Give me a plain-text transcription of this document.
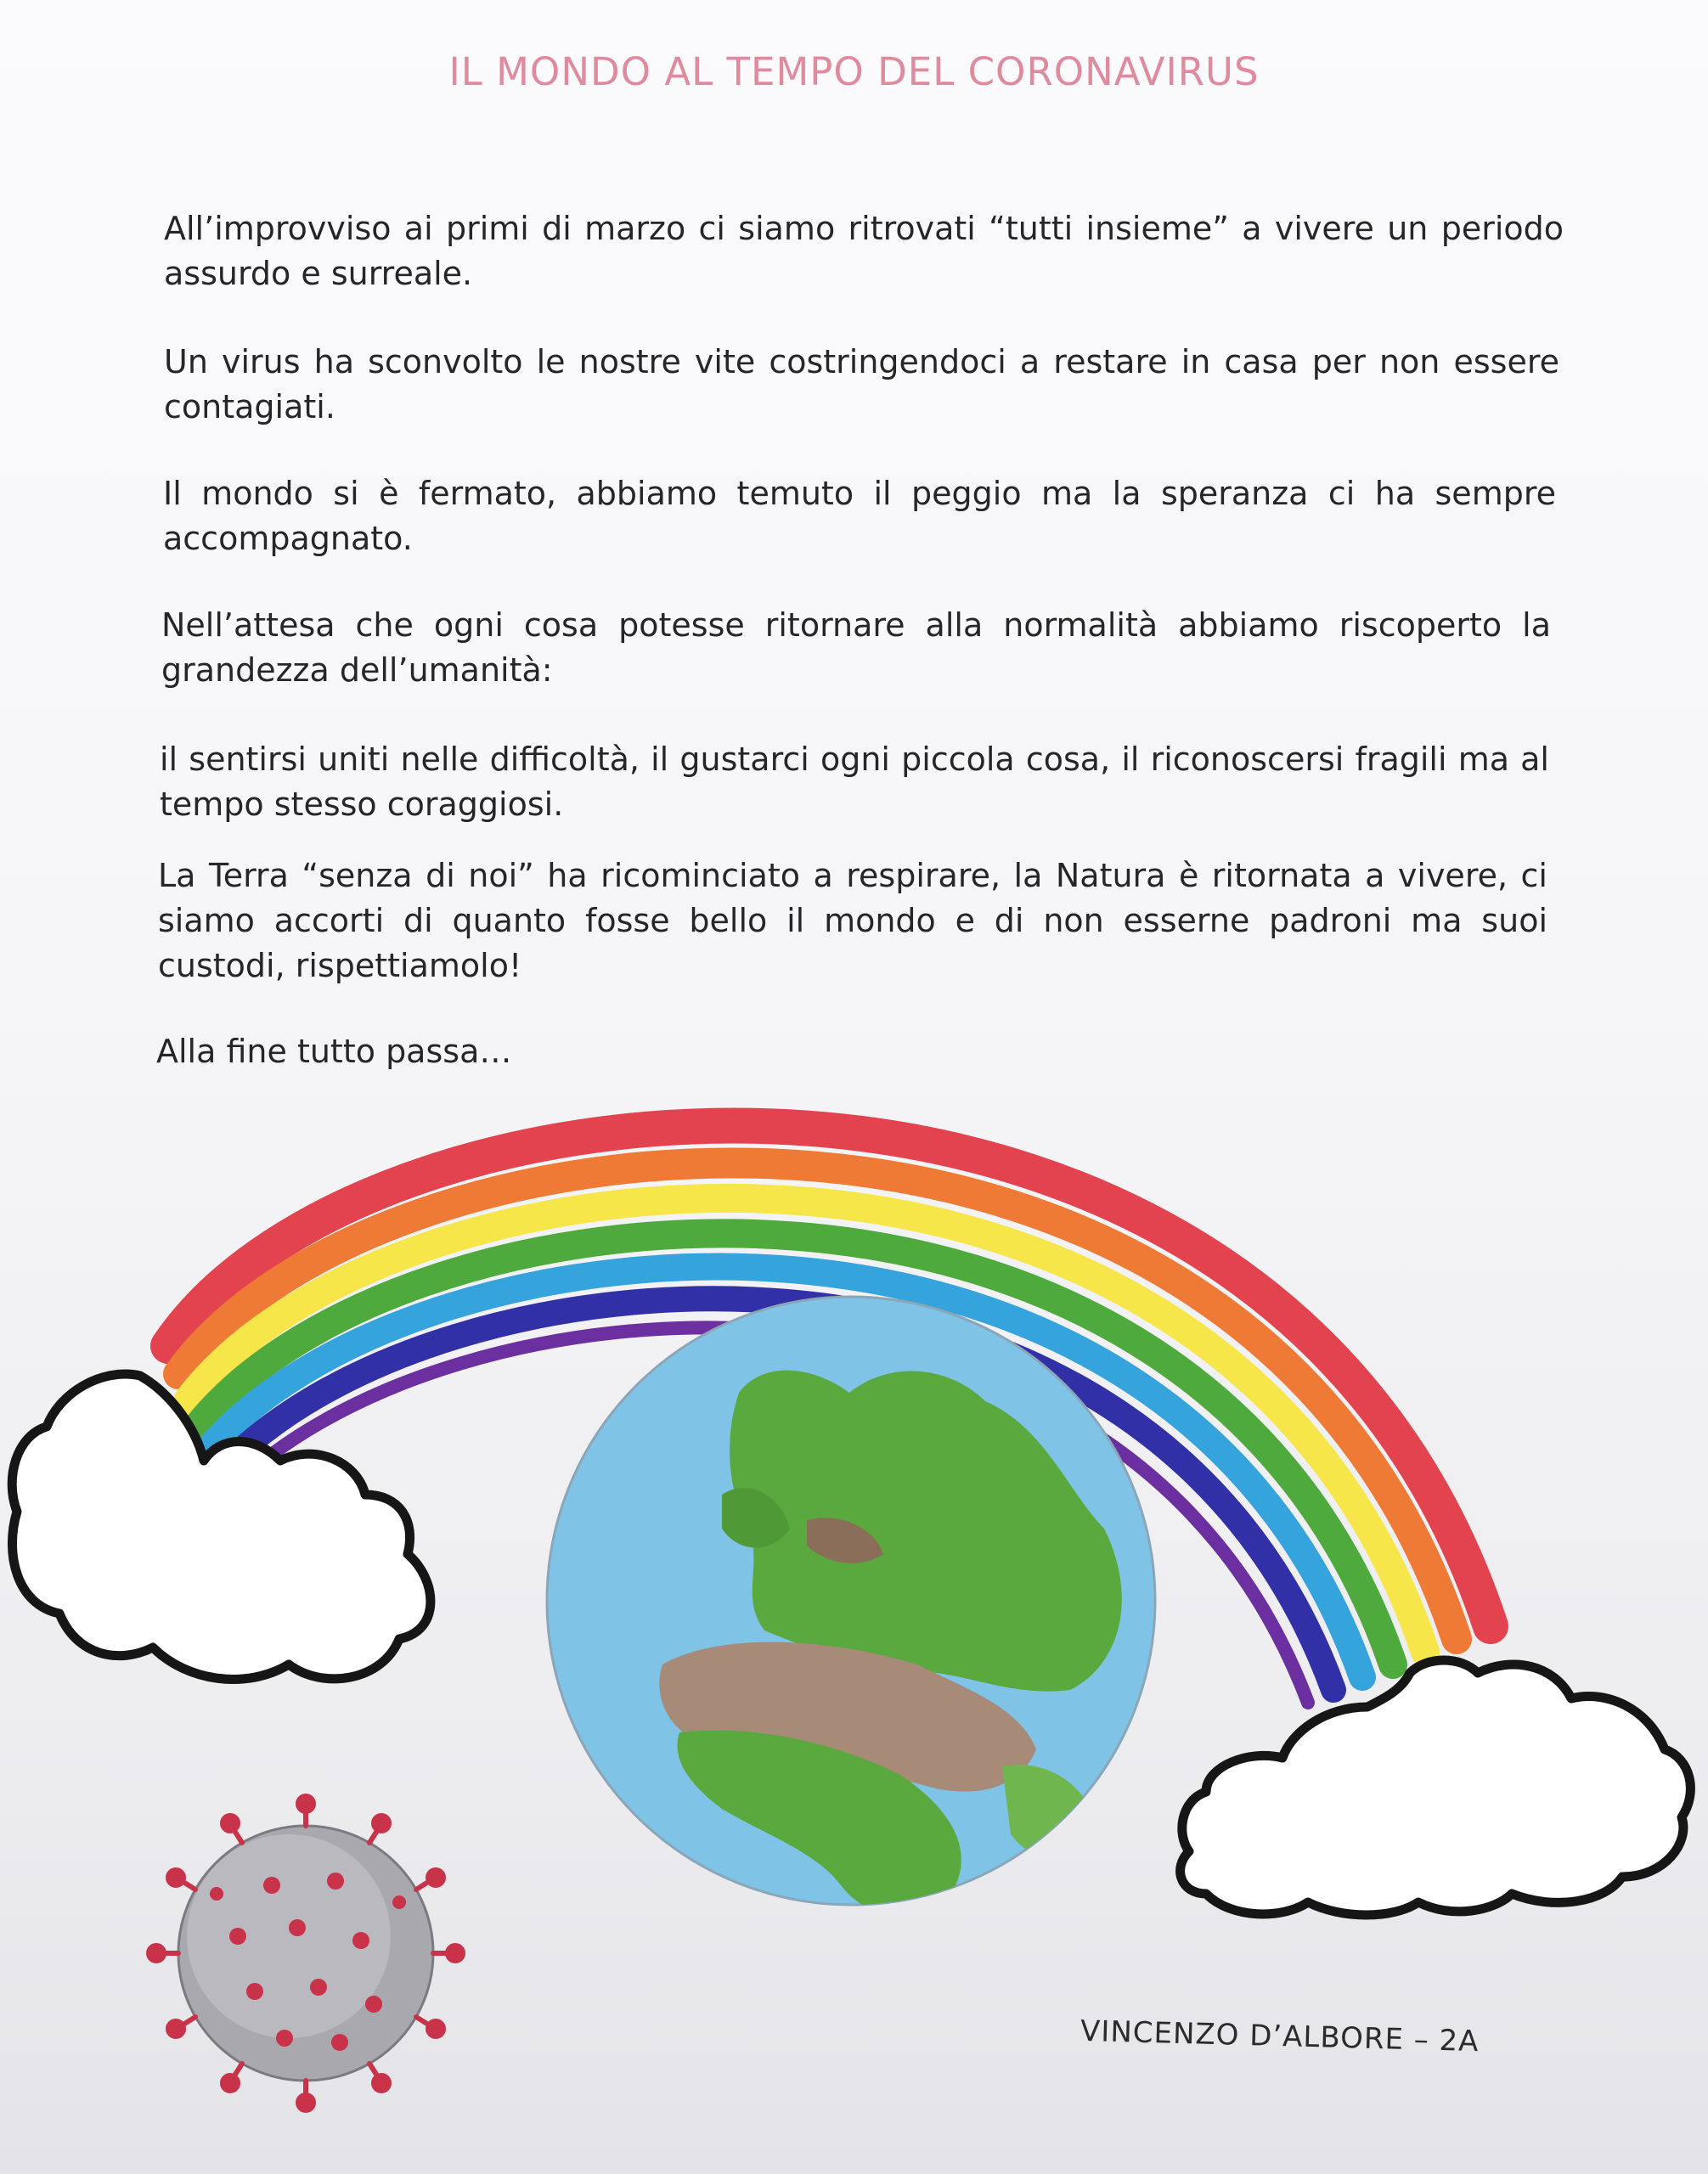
IL MONDO AL TEMPO DEL CORONAVIRUS

All’improvviso ai primi di marzo ci siamo ritrovati “tutti insieme” a vivere un periodo assurdo e surreale.

Un virus ha sconvolto le nostre vite costringendoci a restare in casa per non essere contagiati.

Il mondo si è fermato, abbiamo temuto il peggio ma la speranza ci ha sempre accompagnato.

Nell’attesa che ogni cosa potesse ritornare alla normalità abbiamo riscoperto la grandezza dell’umanità:

il sentirsi uniti nelle difficoltà, il gustarci ogni piccola cosa, il riconoscersi fragili ma al tempo stesso coraggiosi.

La Terra “senza di noi” ha ricominciato a respirare, la Natura è ritornata a vivere, ci siamo accorti di quanto fosse bello il mondo e di non esserne padroni ma suoi custodi, rispettiamolo!

Alla fine tutto passa…

VINCENZO D’ALBORE – 2A
